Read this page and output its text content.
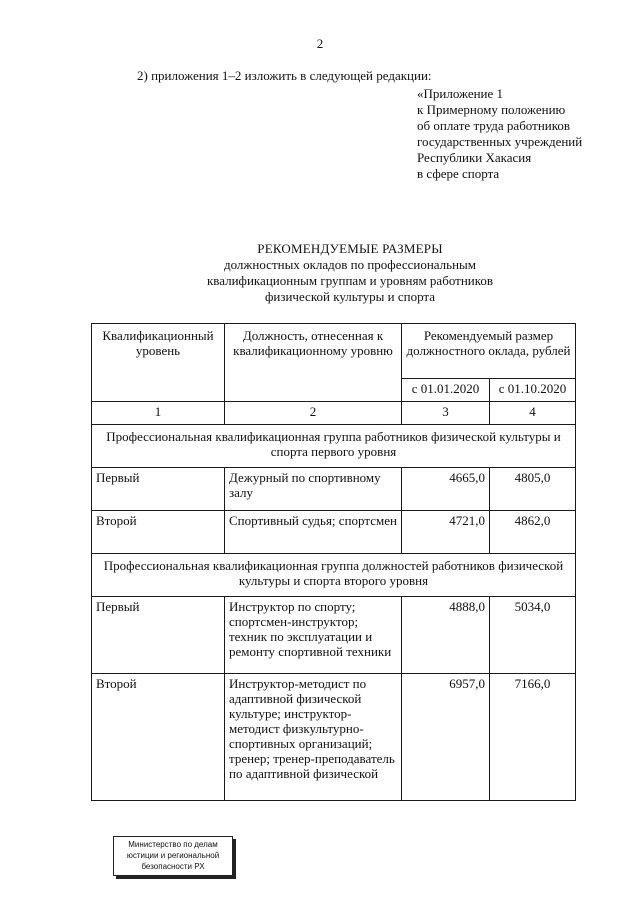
2
2) приложения 1–2 изложить в следующей редакции:
«Приложение 1
к Примерному положению
об оплате труда работников
государственных учреждений
Республики Хакасия
в сфере спорта
РЕКОМЕНДУЕМЫЕ РАЗМЕРЫ
должностных окладов по профессиональным
квалификационным группам и уровням работников
физической культуры и спорта
Квалификационный уровень	Должность, отнесенная к квалификационному уровню	Рекомендуемый размер должностного оклада, рублей	
		с 01.01.2020	с 01.10.2020
1	2	3	4
Профессиональная квалификационная группа работников физической культуры и спорта первого уровня			
Первый	Дежурный по спортивному залу	4665,0	4805,0
Второй	Спортивный судья; спортсмен	4721,0	4862,0
Профессиональная квалификационная группа должностей работников физической культуры и спорта второго уровня			
Первый	Инструктор по спорту; спортсмен-инструктор; техник по эксплуатации и ремонту спортивной техники	4888,0	5034,0
Второй	Инструктор-методист по адаптивной физической культуре; инструктор-методист физкультурно-спортивных организаций; тренер; тренер-преподаватель по адаптивной физической	6957,0	7166,0
Министерство по делам
юстиции и региональной
безопасности РХ
